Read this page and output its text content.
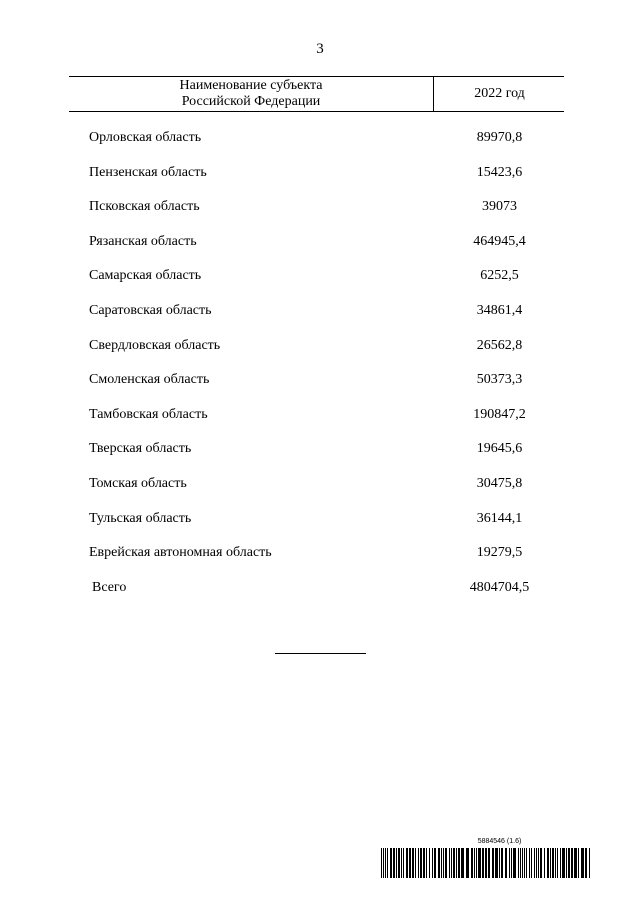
3
Наименование субъекта
Российской Федерации
2022 год
Орловская область	89970,8
Пензенская область	15423,6
Псковская область	39073
Рязанская область	464945,4
Самарская область	6252,5
Саратовская область	34861,4
Свердловская область	26562,8
Смоленская область	50373,3
Тамбовская область	190847,2
Тверская область	19645,6
Томская область	30475,8
Тульская область	36144,1
Еврейская автономная область	19279,5
Всего	4804704,5
5884546 (1.6)
